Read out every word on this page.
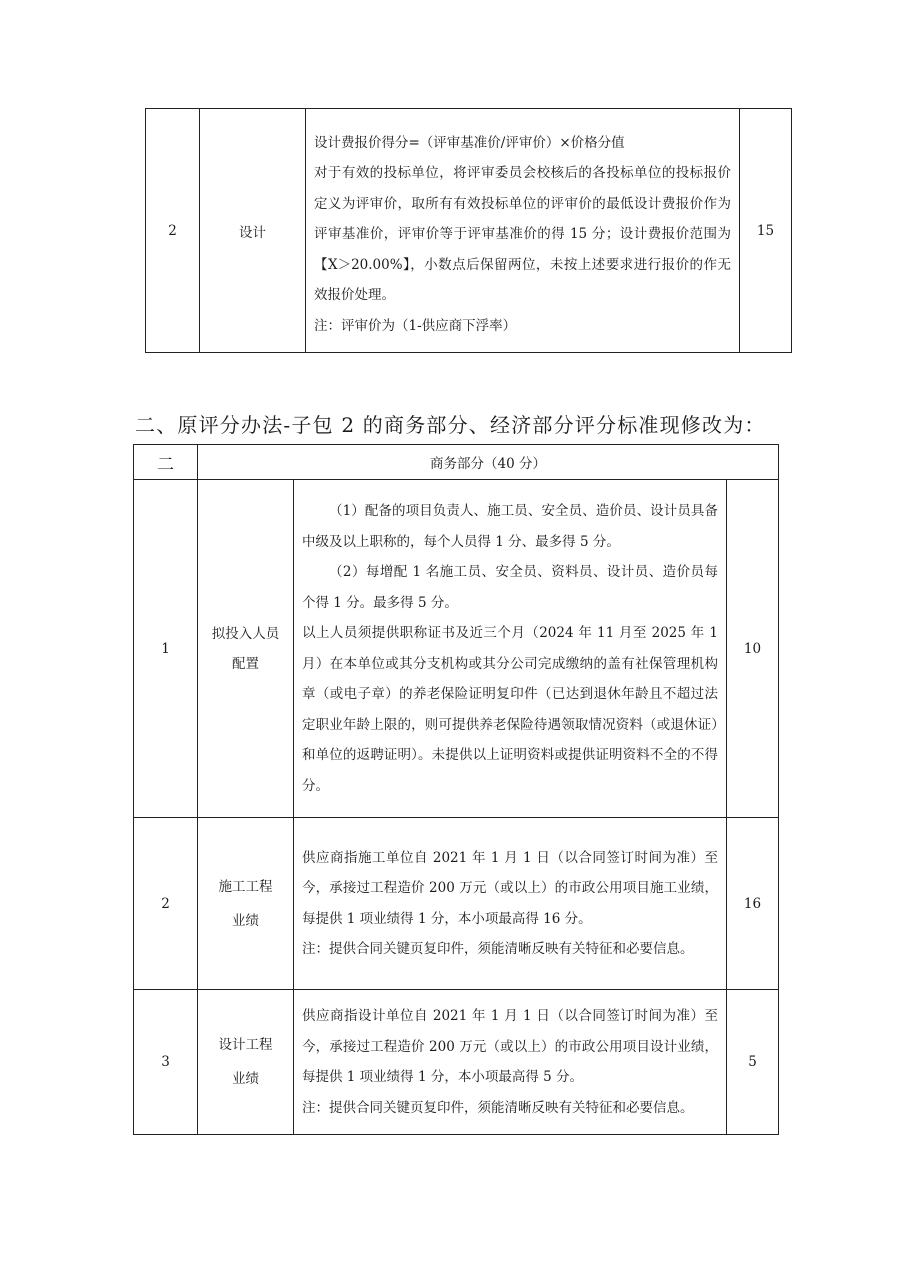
2	设计	

设计费报价得分=（评审基准价/评审价）×价格分值

对于有效的投标单位，将评审委员会校核后的各投标单位的投标报价定义为评审价，取所有有效投标单位的评审价的最低设计费报价作为评审基准价，评审价等于评审基准价的得 15 分；设计费报价范围为【X＞20.00%】，小数点后保留两位，未按上述要求进行报价的作无效报价处理。

注：评审价为（1-供应商下浮率）

	15
二、原评分办法-子包 2 的商务部分、经济部分评分标准现修改为：
二	商务部分（40 分）		
1	拟投入人员配置	（1）配备的项目负责人、施工员、安全员、造价员、设计员具备中级及以上职称的，每个人员得 1 分、最多得 5 分。

（2）每增配 1 名施工员、安全员、资料员、设计员、造价员每个得 1 分。最多得 5 分。

以上人员须提供职称证书及近三个月（2024 年 11 月至 2025 年 1 月）在本单位或其分支机构或其分公司完成缴纳的盖有社保管理机构章（或电子章）的养老保险证明复印件（已达到退休年龄且不超过法定职业年龄上限的，则可提供养老保险待遇领取情况资料（或退休证）和单位的返聘证明）。未提供以上证明资料或提供证明资料不全的不得分。	10
2	施工工程业绩	供应商指施工单位自 2021 年 1 月 1 日（以合同签订时间为准）至今，承接过工程造价 200 万元（或以上）的市政公用项目施工业绩，每提供 1 项业绩得 1 分，本小项最高得 16 分。

注：提供合同关键页复印件，须能清晰反映有关特征和必要信息。	16
3	设计工程业绩	供应商指设计单位自 2021 年 1 月 1 日（以合同签订时间为准）至今，承接过工程造价 200 万元（或以上）的市政公用项目设计业绩，每提供 1 项业绩得 1 分，本小项最高得 5 分。

注：提供合同关键页复印件，须能清晰反映有关特征和必要信息。	5
